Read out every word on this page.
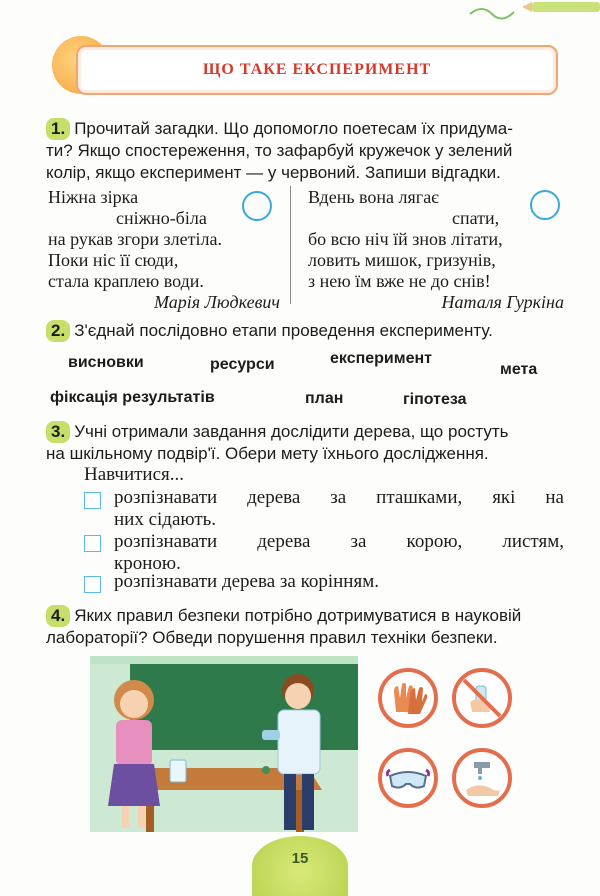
ЩО ТАКЕ ЕКСПЕРИМЕНТ
1. Прочитай загадки. Що допомогло поетесам їх придума-
ти? Якщо спостереження, то зафарбуй кружечок у зелений
колір, якщо експеримент — у червоний. Запиши відгадки.
Ніжна зірка
сніжно-біла
на рукав згори злетіла.
Поки ніс її сюди,
стала краплею води.
Марія Людкевич
Вдень вона лягає
спати,
бо всю ніч їй знов літати,
ловить мишок, гризунів,
з нею їм вже не до снів!
Наталя Гуркіна
2. З'єднай послідовно етапи проведення експерименту.
висновки	ресурси	експеримент
мета
фіксація результатів	план	гіпотеза
3. Учні отримали завдання дослідити дерева, що ростуть
на шкільному подвір'ї. Обери мету їхнього дослідження.
Навчитися...
розпізнавати дерева за пташками, які на
них сідають.
розпізнавати дерева за корою, листям,
кроною.
розпізнавати дерева за корінням.
4. Яких правил безпеки потрібно дотримуватися в науковій
лабораторії? Обведи порушення правил техніки безпеки.
15
